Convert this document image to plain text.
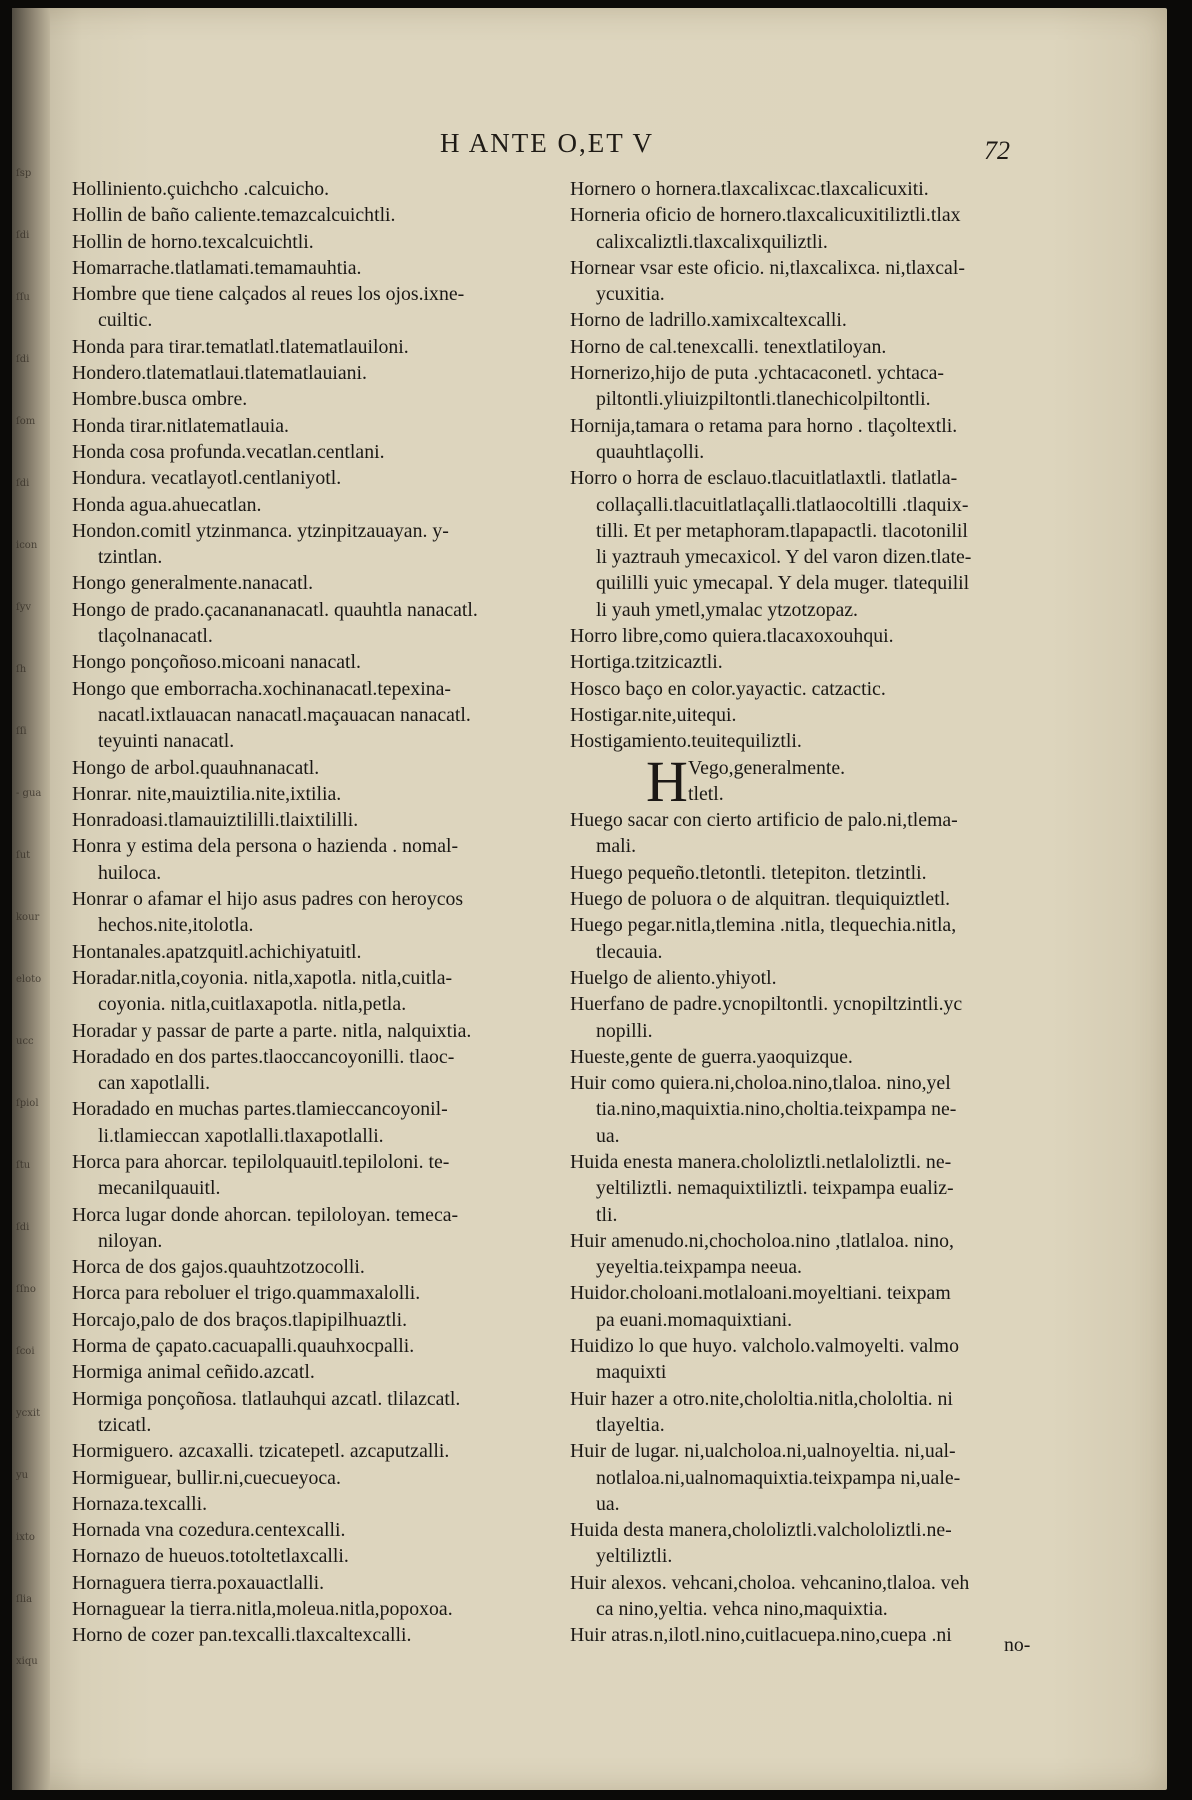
ſsp
ſdi
ſſu
ſdi
ſom
ſdi
icon
ſyv
ſh
ſſi
- gua
ſut
kour
eloto
ucc
ſpiol
ſtu
ſdi
ſſno
ſcoi
ycxit
yu
ixto
ſlia
xiqu
H ANTE O,ET V	72
Hollinіento.çuichcho .calcuicho.
Hollin de baño caliente.temazcalcuichtli.
Hollin de horno.texcalcuichtli.
Homarrache.tlatlamati.temamauhtia.
Hombre que tiene calçados al reues los ojos.ixne-
cuiltic.
Honda para tirar.tematlatl.tlatematlauiloni.
Hondero.tlatematlaui.tlatematlauiani.
Hombre.busca ombre.
Honda tirar.nitlatematlauia.
Honda cosa profunda.vecatlan.centlani.
Hondura. vecatlayotl.centlaniyotl.
Honda agua.ahuecatlan.
Hondon.comitl ytzinmanca. ytzinpitzauayan. y-
tzintlan.
Hongo generalmente.nanacatl.
Hongo de prado.çacanananacatl. quauhtla nanacatl.
tlaçolnanacatl.
Hongo ponçoñoso.micoani nanacatl.
Hongo que emborracha.xochinanacatl.tepexina-
nacatl.ixtlauacan nanacatl.maçauacan nanacatl.
teyuinti nanacatl.
Hongo de arbol.quauhnanacatl.
Honrar. nite,mauiztilia.nite,ixtilia.
Honradoasi.tlamauiztililli.tlaixtililli.
Honra y estima dela persona o hazienda . nomal-
huiloca.
Honrar o afamar el hijo asus padres con heroycos
hechos.nite,itolotla.
Hontanales.apatzquitl.achichiyatuitl.
Horadar.nitla,coyonia. nitla,xapotla. nitla,cuitla-
coyonia. nitla,cuitlaxapotla. nitla,petla.
Horadar y passar de parte a parte. nitla, nalquixtia.
Horadado en dos partes.tlaoccancoyonilli. tlaoc-
can xapotlalli.
Horadado en muchas partes.tlamieccancoyonil-
li.tlamieccan xapotlalli.tlaxapotlalli.
Horca para ahorcar. tepilolquauitl.tepiloloni. te-
mecanilquauitl.
Horca lugar donde ahorcan. tepiloloyan. temeca-
niloyan.
Horca de dos gajos.quauhtzotzocolli.
Horca para reboluer el trigo.quammaxalolli.
Horcajo,palo de dos braços.tlapipilhuaztli.
Horma de çapato.cacuapalli.quauhxocpalli.
Hormiga animal ceñido.azcatl.
Hormiga ponçoñosa. tlatlauhqui azcatl. tlilazcatl.
tzicatl.
Hormiguero. azcaxalli. tzicatepetl. azcaputzalli.
Hormiguear, bullir.ni,cuecueyoca.
Hornaza.texcalli.
Hornada vna cozedura.centexcalli.
Hornazo de hueuos.totoltetlaxcalli.
Hornaguera tierra.poxauactlalli.
Hornaguear la tierra.nitla,moleua.nitla,popoxoa.
Horno de cozer pan.texcalli.tlaxcaltexcalli.
Hornero o hornera.tlaxcalixcac.tlaxcalicuxiti.
Horneria oficio de hornero.tlaxcalicuxitiliztli.tlax
calixcaliztli.tlaxcalixquiliztli.
Hornear vsar este oficio. ni,tlaxcalixca. ni,tlaxcal-
ycuxitia.
Horno de ladrillo.xamixcaltexcalli.
Horno de cal.tenexcalli. tenextlatiloyan.
Hornerizo,hijo de puta .ychtacaconetl. ychtaca-
piltontli.yliuizpiltontli.tlanechicolpiltontli.
Hornija,tamara o retama para horno . tlaçoltextli.
quauhtlaçolli.
Horro o horra de esclauo.tlacuitlatlaxtli. tlatlatla-
collaçalli.tlacuitlatlaçalli.tlatlaocoltilli .tlaquix-
tilli. Et per metaphoram.tlapapactli. tlacotonilil
li yaztrauh ymecaxicol. Y del varon dizen.tlate-
quililli yuic ymecapal. Y dela muger. tlatequilil
li yauh ymetl,ymalac ytzotzopaz.
Horro libre,como quiera.tlacaxoxouhqui.
Hortiga.tzitzicaztli.
Hosco baço en color.yayactic. catzactic.
Hostigar.nite,uitequi.
Hostigamiento.teuitequiliztli.
H Vego,generalmente.
tletl.
Huego sacar con cierto artificio de palo.ni,tlema-
mali.
Huego pequeño.tletontli. tletepiton. tletzintli.
Huego de poluora o de alquitran. tlequiquiztletl.
Huego pegar.nitla,tlemina .nitla, tlequechia.nitla,
tlecauia.
Huelgo de aliento.yhiyotl.
Huerfano de padre.ycnopiltontli. ycnopiltzintli.yc
nopilli.
Hueste,gente de guerra.yaoquizque.
Huir como quiera.ni,choloa.nino,tlaloa. nino,yel
tia.nino,maquixtia.nino,choltia.teixpampa ne-
ua.
Huida enesta manera.chololiztli.netlaloliztli. ne-
yeltiliztli. nemaquixtiliztli. teixpampa eualiz-
tli.
Huir amenudo.ni,chocholoa.nino ,tlatlaloa. nino,
yeyeltia.teixpampa neeua.
Huidor.choloani.motlaloani.moyeltiani. teixpam
pa euani.momaquixtiani.
Huidizo lo que huyo. valcholo.valmoyelti. valmo
maquixti
Huir hazer a otro.nite,chololtia.nitla,chololtia. ni
tlayeltia.
Huir de lugar. ni,ualcholoa.ni,ualnoyeltia. ni,ual-
notlaloa.ni,ualnomaquixtia.teixpampa ni,uale-
ua.
Huida desta manera,chololiztli.valchololiztli.ne-
yeltiliztli.
Huir alexos. vehcani,choloa. vehcanino,tlaloa. veh
ca nino,yeltia. vehca nino,maquixtia.
Huir atras.n,ilotl.nino,cuitlacuepa.nino,cuepa .ni	no-
